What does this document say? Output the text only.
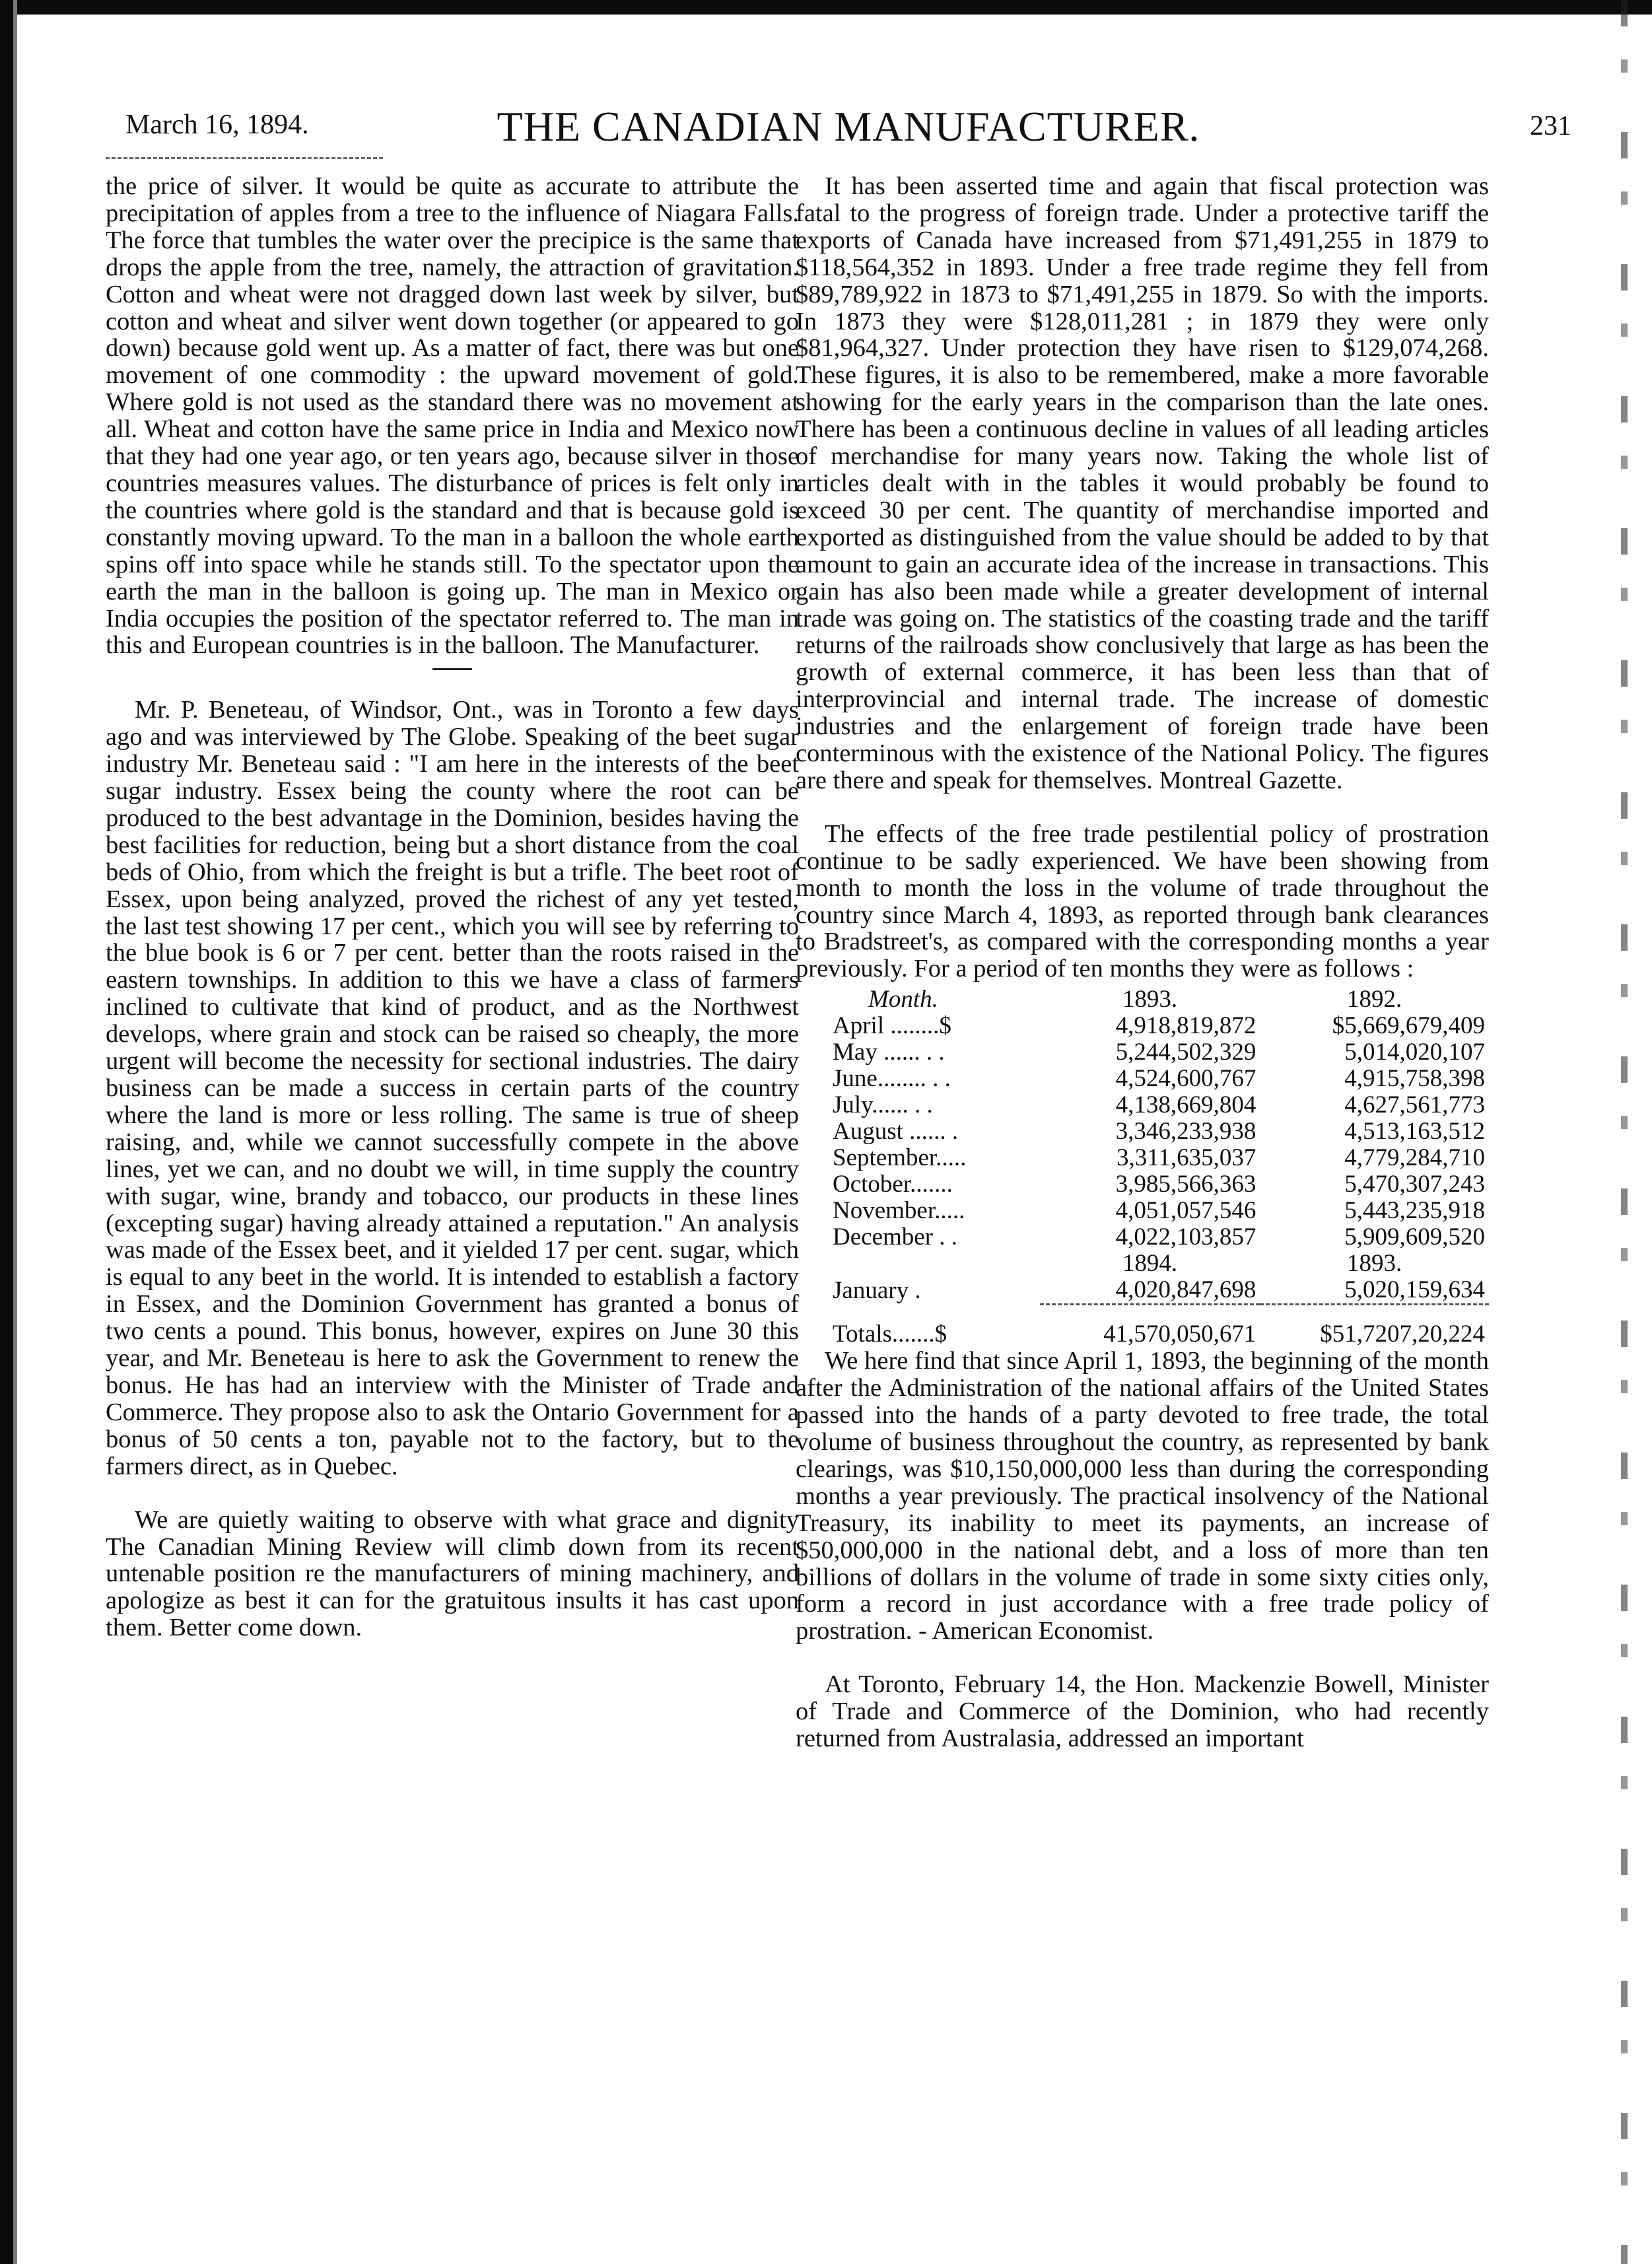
THE CANADIAN MANUFACTURER.
March 16, 1894.	231

the price of silver. It would be quite as accurate to attribute the precipitation of apples from a tree to the influence of Niagara Falls. The force that tumbles the water over the precipice is the same that drops the apple from the tree, namely, the attraction of gravitation. Cotton and wheat were not dragged down last week by silver, but cotton and wheat and silver went down together (or appeared to go down) because gold went up. As a matter of fact, there was but one movement of one commodity : the upward movement of gold. Where gold is not used as the standard there was no movement at all. Wheat and cotton have the same price in India and Mexico now that they had one year ago, or ten years ago, because silver in those countries measures values. The disturbance of prices is felt only in the countries where gold is the standard and that is because gold is constantly moving upward. To the man in a balloon the whole earth spins off into space while he stands still. To the spectator upon the earth the man in the balloon is going up. The man in Mexico or India occupies the position of the spectator referred to. The man in this and European countries is in the balloon. The Manufacturer.

Mr. P. Beneteau, of Windsor, Ont., was in Toronto a few days ago and was interviewed by The Globe. Speaking of the beet sugar industry Mr. Beneteau said : "I am here in the interests of the beet sugar industry. Essex being the county where the root can be produced to the best advantage in the Dominion, besides having the best facilities for reduction, being but a short distance from the coal beds of Ohio, from which the freight is but a trifle. The beet root of Essex, upon being analyzed, proved the richest of any yet tested, the last test showing 17 per cent., which you will see by referring to the blue book is 6 or 7 per cent. better than the roots raised in the eastern townships. In addition to this we have a class of farmers inclined to cultivate that kind of product, and as the Northwest develops, where grain and stock can be raised so cheaply, the more urgent will become the necessity for sectional industries. The dairy business can be made a success in certain parts of the country where the land is more or less rolling. The same is true of sheep raising, and, while we cannot successfully compete in the above lines, yet we can, and no doubt we will, in time supply the country with sugar, wine, brandy and tobacco, our products in these lines (excepting sugar) having already attained a reputation." An analysis was made of the Essex beet, and it yielded 17 per cent. sugar, which is equal to any beet in the world. It is intended to establish a factory in Essex, and the Dominion Government has granted a bonus of two cents a pound. This bonus, however, expires on June 30 this year, and Mr. Beneteau is here to ask the Government to renew the bonus. He has had an interview with the Minister of Trade and Commerce. They propose also to ask the Ontario Government for a bonus of 50 cents a ton, payable not to the factory, but to the farmers direct, as in Quebec.

We are quietly waiting to observe with what grace and dignity The Canadian Mining Review will climb down from its recent untenable position re the manufacturers of mining machinery, and apologize as best it can for the gratuitous insults it has cast upon them. Better come down.

It has been asserted time and again that fiscal protection was fatal to the progress of foreign trade. Under a protective tariff the exports of Canada have increased from $71,491,255 in 1879 to $118,564,352 in 1893. Under a free trade regime they fell from $89,789,922 in 1873 to $71,491,255 in 1879. So with the imports. In 1873 they were $128,011,281 ; in 1879 they were only $81,964,327. Under protection they have risen to $129,074,268. These figures, it is also to be remembered, make a more favorable showing for the early years in the comparison than the late ones. There has been a continuous decline in values of all leading articles of merchandise for many years now. Taking the whole list of articles dealt with in the tables it would probably be found to exceed 30 per cent. The quantity of merchandise imported and exported as distinguished from the value should be added to by that amount to gain an accurate idea of the increase in transactions. This gain has also been made while a greater development of internal trade was going on. The statistics of the coasting trade and the tariff returns of the railroads show conclusively that large as has been the growth of external commerce, it has been less than that of interprovincial and internal trade. The increase of domestic industries and the enlargement of foreign trade have been conterminous with the existence of the National Policy. The figures are there and speak for themselves. Montreal Gazette.

The effects of the free trade pestilential policy of prostration continue to be sadly experienced. We have been showing from month to month the loss in the volume of trade throughout the country since March 4, 1893, as reported through bank clearances to Bradstreet's, as compared with the corresponding months a year previously. For a period of ten months they were as follows :

Month.	1893.	1892.
April ........$	4,918,819,872	$5,669,679,409
May ...... . .	5,244,502,329	5,014,020,107
June........ . .	4,524,600,767	4,915,758,398
July...... . .	4,138,669,804	4,627,561,773
August ...... .	3,346,233,938	4,513,163,512
September.....	3,311,635,037	4,779,284,710
October.......	3,985,566,363	5,470,307,243
November.....	4,051,057,546	5,443,235,918
December . .	4,022,103,857	5,909,609,520
	1894.	1893.
January .	4,020,847,698	5,020,159,634
Totals.......$	41,570,050,671	$51,7207,20,224

We here find that since April 1, 1893, the beginning of the month after the Administration of the national affairs of the United States passed into the hands of a party devoted to free trade, the total volume of business throughout the country, as represented by bank clearings, was $10,150,000,000 less than during the corresponding months a year previously. The practical insolvency of the National Treasury, its inability to meet its payments, an increase of $50,000,000 in the national debt, and a loss of more than ten billions of dollars in the volume of trade in some sixty cities only, form a record in just accordance with a free trade policy of prostration. - American Economist.

At Toronto, February 14, the Hon. Mackenzie Bowell, Minister of Trade and Commerce of the Dominion, who had recently returned from Australasia, addressed an important
